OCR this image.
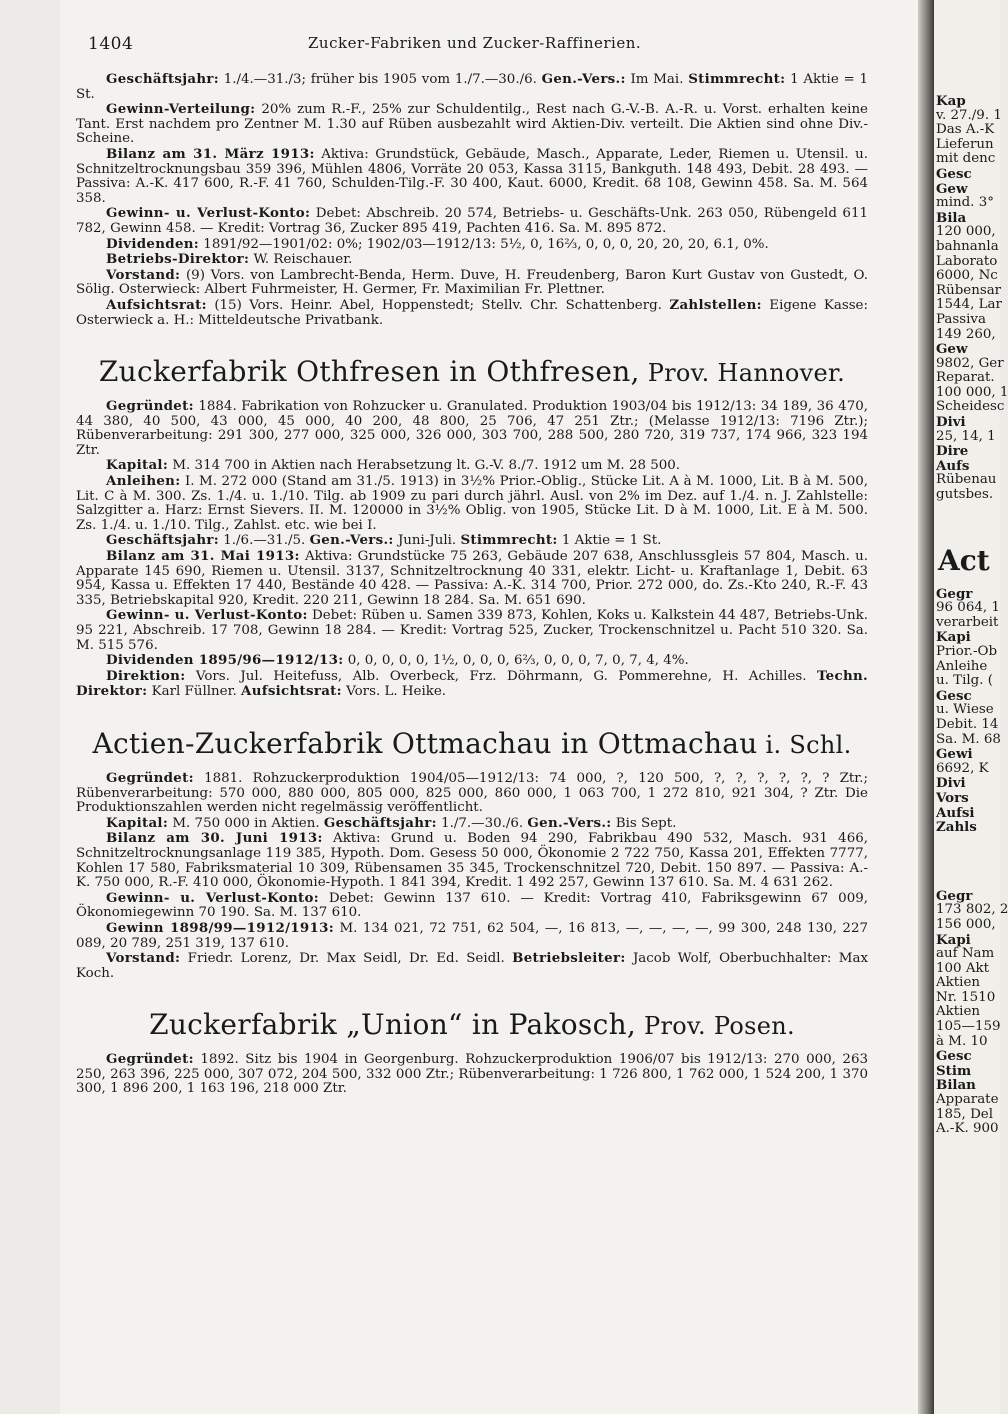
Kap
v. 27./9. 1
Das A.-K
Lieferun
mit denc
Gesc
Gew
mind. 3°
Bila
120 000,
bahnanla
Laborato
6000, Nc
Rübensar
1544, Lar
Passiva
149 260,
Gew
9802, Ger
Reparat.
100 000, 1
Scheidesc
Divi
25, 14, 1
Dire
Aufs
Rübenau
gutsbes.
Act
Gegr
96 064, 1
verarbeit
Kapi
Prior.-Ob
Anleihe
u. Tilg. (
Gesc
u. Wiese
Debit. 14
Sa. M. 68
Gewi
6692, K
Divi
Vors
Aufsi
Zahls
Gegr
173 802, 2
156 000,
Kapi
auf Nam
100 Akt
Aktien
Nr. 1510
Aktien
105—159
à M. 10
Gesc
Stim
Bilan
Apparate
185, Del
A.-K. 900
1404	Zucker-Fabriken und Zucker-Raffinerien.

Geschäftsjahr: 1./4.—31./3; früher bis 1905 vom 1./7.—30./6. Gen.-Vers.: Im Mai. Stimmrecht: 1 Aktie = 1 St.

Gewinn-Verteilung: 20% zum R.-F., 25% zur Schuldentilg., Rest nach G.-V.-B. A.-R. u. Vorst. erhalten keine Tant. Erst nachdem pro Zentner M. 1.30 auf Rüben ausbezahlt wird Aktien-Div. verteilt. Die Aktien sind ohne Div.-Scheine.

Bilanz am 31. März 1913: Aktiva: Grundstück, Gebäude, Masch., Apparate, Leder, Riemen u. Utensil. u. Schnitzeltrocknungsbau 359 396, Mühlen 4806, Vorräte 20 053, Kassa 3115, Bankguth. 148 493, Debit. 28 493. — Passiva: A.-K. 417 600, R.-F. 41 760, Schulden-Tilg.-F. 30 400, Kaut. 6000, Kredit. 68 108, Gewinn 458. Sa. M. 564 358.

Gewinn- u. Verlust-Konto: Debet: Abschreib. 20 574, Betriebs- u. Geschäfts-Unk. 263 050, Rübengeld 611 782, Gewinn 458. — Kredit: Vortrag 36, Zucker 895 419, Pachten 416. Sa. M. 895 872.

Dividenden: 1891/92—1901/02: 0%; 1902/03—1912/13: 5½, 0, 16⅔, 0, 0, 0, 20, 20, 20, 6.1, 0%.

Betriebs-Direktor: W. Reischauer.

Vorstand: (9) Vors. von Lambrecht-Benda, Herm. Duve, H. Freudenberg, Baron Kurt Gustav von Gustedt, O. Sölig. Osterwieck: Albert Fuhrmeister, H. Germer, Fr. Maximilian Fr. Plettner.

Aufsichtsrat: (15) Vors. Heinr. Abel, Hoppenstedt; Stellv. Chr. Schattenberg. Zahlstellen: Eigene Kasse: Osterwieck a. H.: Mitteldeutsche Privatbank.

Zuckerfabrik Othfresen in Othfresen, Prov. Hannover.

Gegründet: 1884. Fabrikation von Rohzucker u. Granulated. Produktion 1903/04 bis 1912/13: 34 189, 36 470, 44 380, 40 500, 43 000, 45 000, 40 200, 48 800, 25 706, 47 251 Ztr.; (Melasse 1912/13: 7196 Ztr.); Rübenverarbeitung: 291 300, 277 000, 325 000, 326 000, 303 700, 288 500, 280 720, 319 737, 174 966, 323 194 Ztr.

Kapital: M. 314 700 in Aktien nach Herabsetzung lt. G.-V. 8./7. 1912 um M. 28 500.

Anleihen: I. M. 272 000 (Stand am 31./5. 1913) in 3½% Prior.-Oblig., Stücke Lit. A à M. 1000, Lit. B à M. 500, Lit. C à M. 300. Zs. 1./4. u. 1./10. Tilg. ab 1909 zu pari durch jährl. Ausl. von 2% im Dez. auf 1./4. n. J. Zahlstelle: Salzgitter a. Harz: Ernst Sievers. II. M. 120000 in 3½% Oblig. von 1905, Stücke Lit. D à M. 1000, Lit. E à M. 500. Zs. 1./4. u. 1./10. Tilg., Zahlst. etc. wie bei I.

Geschäftsjahr: 1./6.—31./5. Gen.-Vers.: Juni-Juli. Stimmrecht: 1 Aktie = 1 St.

Bilanz am 31. Mai 1913: Aktiva: Grundstücke 75 263, Gebäude 207 638, Anschlussgleis 57 804, Masch. u. Apparate 145 690, Riemen u. Utensil. 3137, Schnitzeltrocknung 40 331, elektr. Licht- u. Kraftanlage 1, Debit. 63 954, Kassa u. Effekten 17 440, Bestände 40 428. — Passiva: A.-K. 314 700, Prior. 272 000, do. Zs.-Kto 240, R.-F. 43 335, Betriebskapital 920, Kredit. 220 211, Gewinn 18 284. Sa. M. 651 690.

Gewinn- u. Verlust-Konto: Debet: Rüben u. Samen 339 873, Kohlen, Koks u. Kalkstein 44 487, Betriebs-Unk. 95 221, Abschreib. 17 708, Gewinn 18 284. — Kredit: Vortrag 525, Zucker, Trockenschnitzel u. Pacht 510 320. Sa. M. 515 576.

Dividenden 1895/96—1912/13: 0, 0, 0, 0, 0, 1½, 0, 0, 0, 6⅔, 0, 0, 0, 7, 0, 7, 4, 4%.

Direktion: Vors. Jul. Heitefuss, Alb. Overbeck, Frz. Döhrmann, G. Pommerehne, H. Achilles. Techn. Direktor: Karl Füllner. Aufsichtsrat: Vors. L. Heike.

Actien-Zuckerfabrik Ottmachau in Ottmachau i. Schl.

Gegründet: 1881. Rohzuckerproduktion 1904/05—1912/13: 74 000, ?, 120 500, ?, ?, ?, ?, ?, ? Ztr.; Rübenverarbeitung: 570 000, 880 000, 805 000, 825 000, 860 000, 1 063 700, 1 272 810, 921 304, ? Ztr. Die Produktionszahlen werden nicht regelmässig veröffentlicht.

Kapital: M. 750 000 in Aktien. Geschäftsjahr: 1./7.—30./6. Gen.-Vers.: Bis Sept.

Bilanz am 30. Juni 1913: Aktiva: Grund u. Boden 94 290, Fabrikbau 490 532, Masch. 931 466, Schnitzeltrocknungsanlage 119 385, Hypoth. Dom. Gesess 50 000, Ökonomie 2 722 750, Kassa 201, Effekten 7777, Kohlen 17 580, Fabriksmaterial 10 309, Rübensamen 35 345, Trockenschnitzel 720, Debit. 150 897. — Passiva: A.-K. 750 000, R.-F. 410 000, Ökonomie-Hypoth. 1 841 394, Kredit. 1 492 257, Gewinn 137 610. Sa. M. 4 631 262.

Gewinn- u. Verlust-Konto: Debet: Gewinn 137 610. — Kredit: Vortrag 410, Fabriksgewinn 67 009, Ökonomiegewinn 70 190. Sa. M. 137 610.

Gewinn 1898/99—1912/1913: M. 134 021, 72 751, 62 504, —, 16 813, —, —, —, —, 99 300, 248 130, 227 089, 20 789, 251 319, 137 610.

Vorstand: Friedr. Lorenz, Dr. Max Seidl, Dr. Ed. Seidl. Betriebsleiter: Jacob Wolf, Oberbuchhalter: Max Koch.

Zuckerfabrik „Union“ in Pakosch, Prov. Posen.

Gegründet: 1892. Sitz bis 1904 in Georgenburg. Rohzuckerproduktion 1906/07 bis 1912/13: 270 000, 263 250, 263 396, 225 000, 307 072, 204 500, 332 000 Ztr.; Rübenverarbeitung: 1 726 800, 1 762 000, 1 524 200, 1 370 300, 1 896 200, 1 163 196, 218 000 Ztr.
